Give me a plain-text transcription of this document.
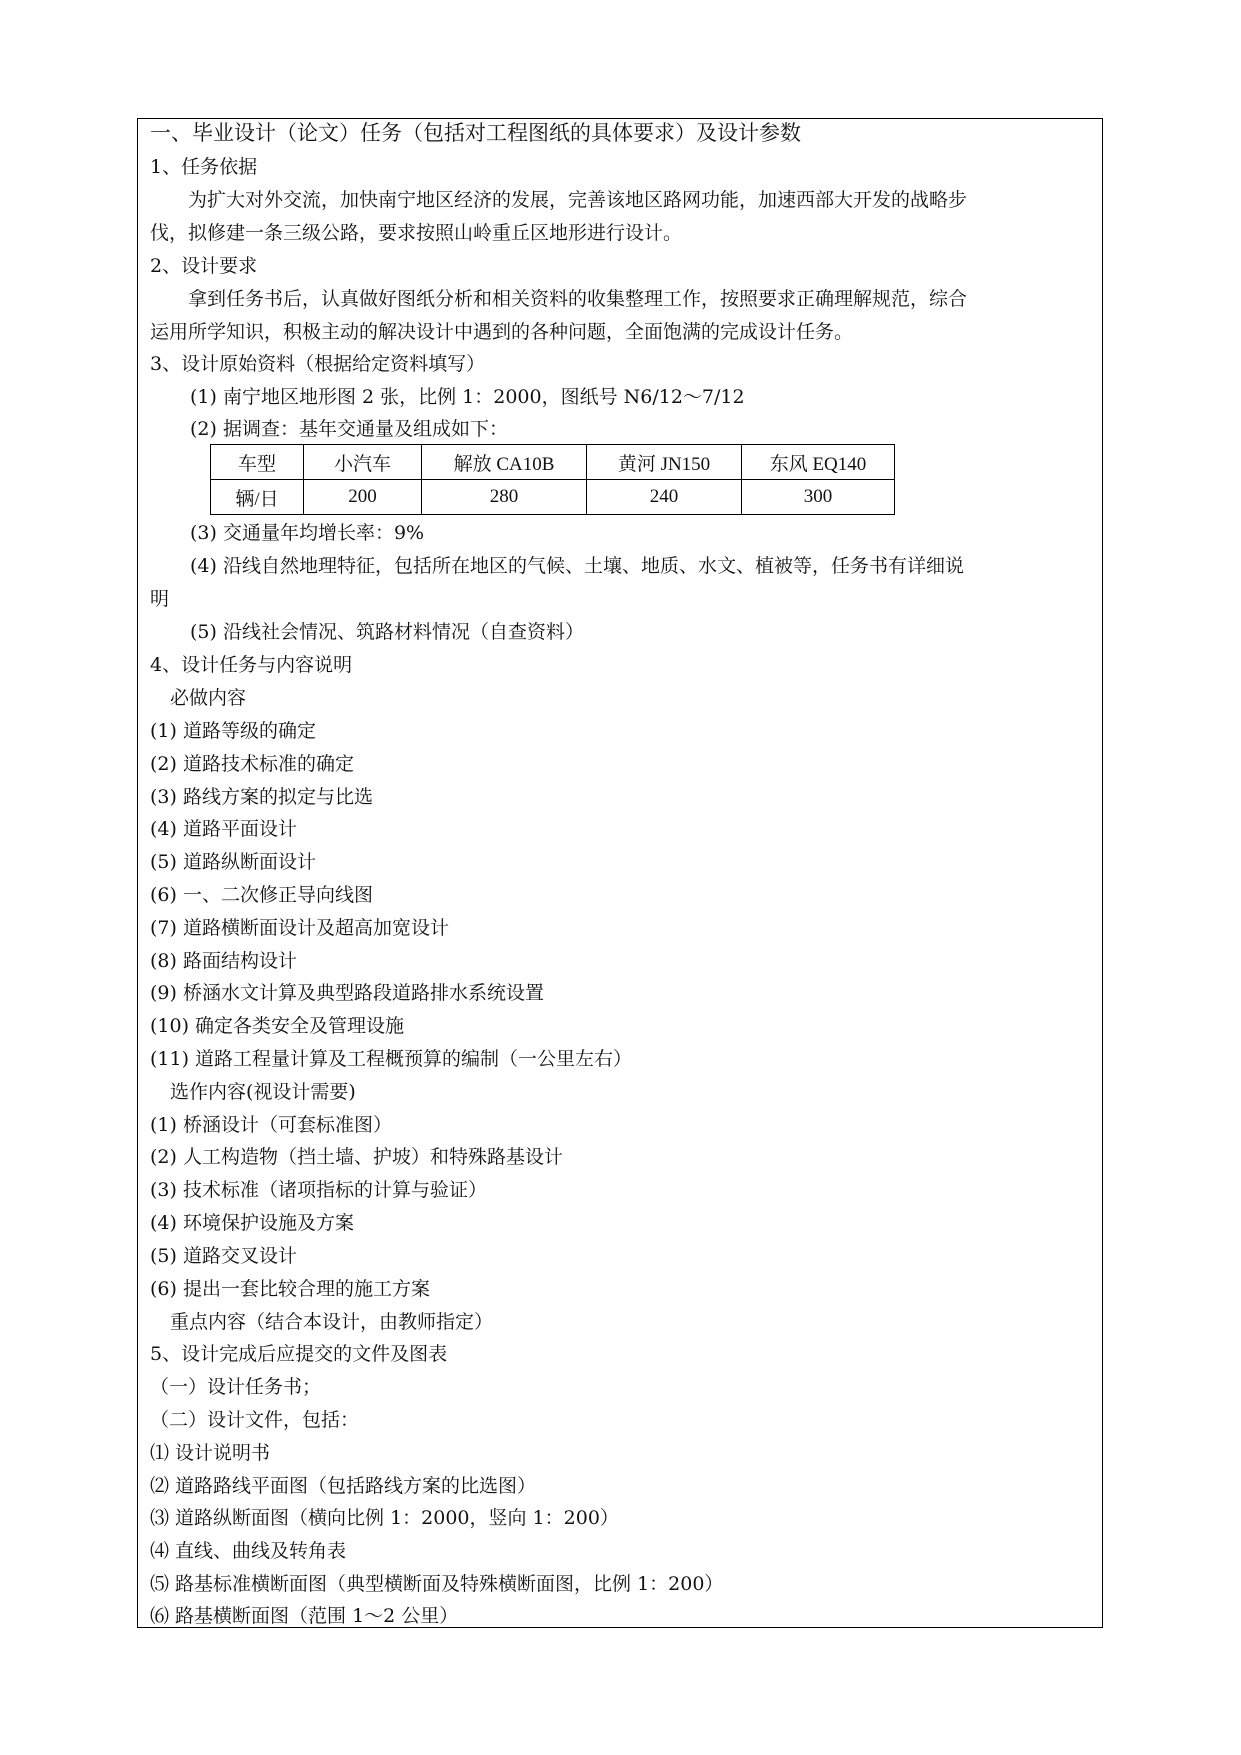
一、毕业设计（论文）任务（包括对工程图纸的具体要求）及设计参数
1、任务依据
为扩大对外交流，加快南宁地区经济的发展，完善该地区路网功能，加速西部大开发的战略步
伐，拟修建一条三级公路，要求按照山岭重丘区地形进行设计。
2、设计要求
拿到任务书后，认真做好图纸分析和相关资料的收集整理工作，按照要求正确理解规范，综合
运用所学知识，积极主动的解决设计中遇到的各种问题，全面饱满的完成设计任务。
3、设计原始资料（根据给定资料填写）
(1) 南宁地区地形图 2 张，比例 1：2000，图纸号 N6/12～7/12
(2) 据调查：基年交通量及组成如下：
车型	小汽车	解放 CA10B	黄河 JN150	东风 EQ140
辆/日	200	280	240	300
(3) 交通量年均增长率：9%
(4) 沿线自然地理特征，包括所在地区的气候、土壤、地质、水文、植被等，任务书有详细说
明
(5) 沿线社会情况、筑路材料情况（自查资料）
4、设计任务与内容说明
必做内容
(1) 道路等级的确定
(2) 道路技术标准的确定
(3) 路线方案的拟定与比选
(4) 道路平面设计
(5) 道路纵断面设计
(6) 一、二次修正导向线图
(7) 道路横断面设计及超高加宽设计
(8) 路面结构设计
(9) 桥涵水文计算及典型路段道路排水系统设置
(10) 确定各类安全及管理设施
(11) 道路工程量计算及工程概预算的编制（一公里左右）
选作内容(视设计需要)
(1) 桥涵设计（可套标准图）
(2) 人工构造物（挡土墙、护坡）和特殊路基设计
(3) 技术标准（诸项指标的计算与验证）
(4) 环境保护设施及方案
(5) 道路交叉设计
(6) 提出一套比较合理的施工方案
重点内容（结合本设计，由教师指定）
5、设计完成后应提交的文件及图表
（一）设计任务书；
（二）设计文件，包括：
⑴ 设计说明书
⑵ 道路路线平面图（包括路线方案的比选图）
⑶ 道路纵断面图（横向比例 1：2000，竖向 1：200）
⑷ 直线、曲线及转角表
⑸ 路基标准横断面图（典型横断面及特殊横断面图，比例 1：200）
⑹ 路基横断面图（范围 1～2 公里）
